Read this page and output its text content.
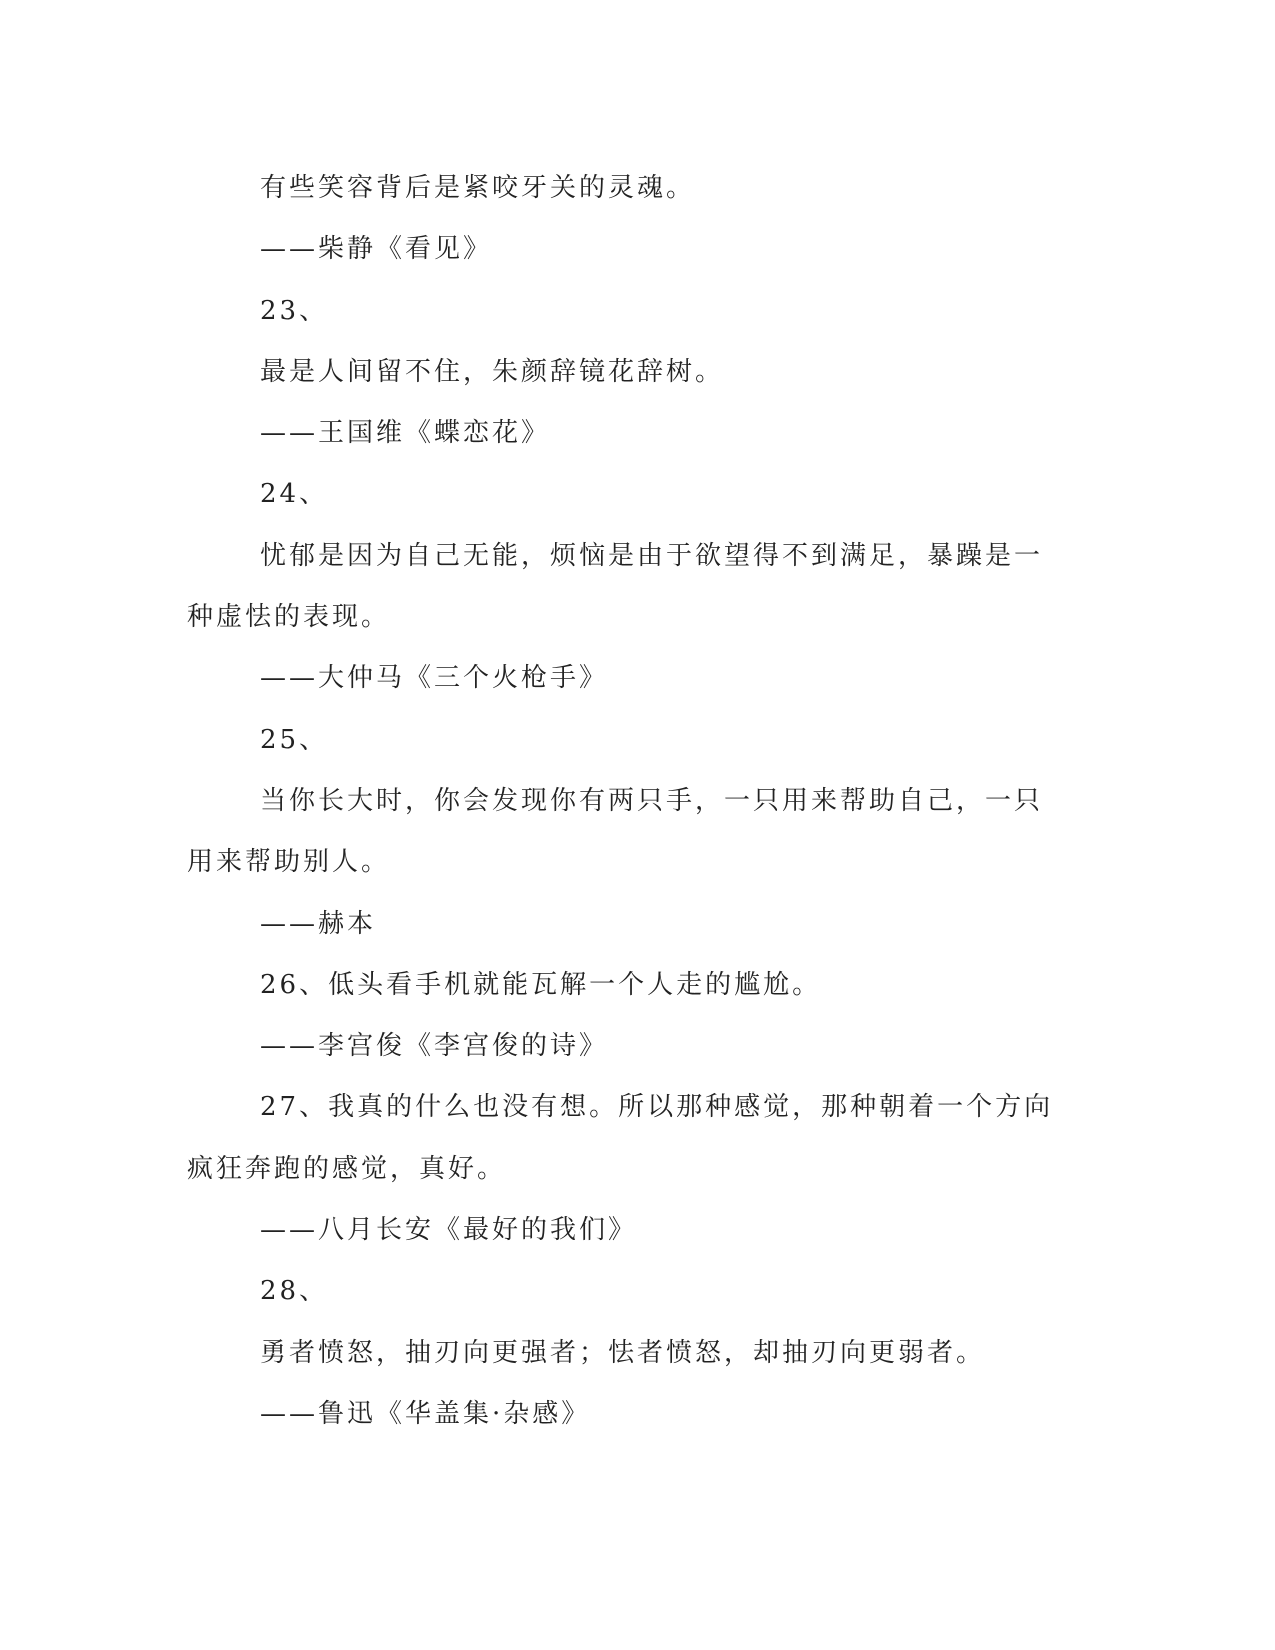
有些笑容背后是紧咬牙关的灵魂。

——柴静《看见》

23、

最是人间留不住，朱颜辞镜花辞树。

——王国维《蝶恋花》

24、

忧郁是因为自己无能，烦恼是由于欲望得不到满足，暴躁是一种虚怯的表现。

——大仲马《三个火枪手》

25、

当你长大时，你会发现你有两只手，一只用来帮助自己，一只用来帮助别人。

——赫本

26、低头看手机就能瓦解一个人走的尴尬。

——李宫俊《李宫俊的诗》

27、我真的什么也没有想。所以那种感觉，那种朝着一个方向疯狂奔跑的感觉，真好。

——八月长安《最好的我们》

28、

勇者愤怒，抽刃向更强者；怯者愤怒，却抽刃向更弱者。

——鲁迅《华盖集·杂感》
